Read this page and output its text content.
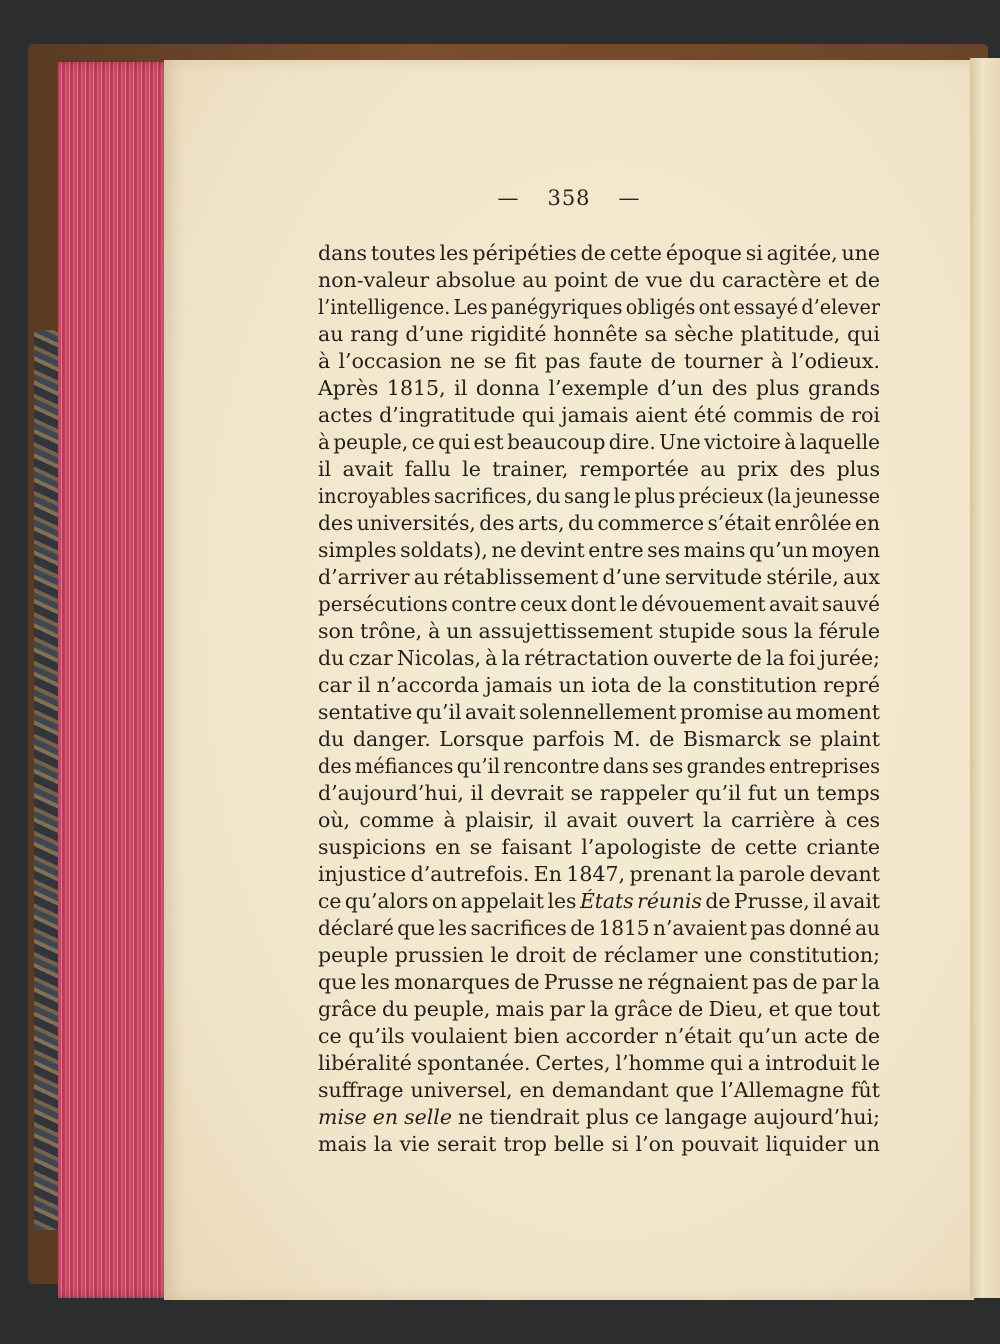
— 358 —
dans toutes les péripéties de cette époque si agitée, une
non-valeur absolue au point de vue du caractère et de
l’intelligence. Les panégyriques obligés ont essayé d’elever
au rang d’une rigidité honnête sa sèche platitude, qui
à l’occasion ne se fit pas faute de tourner à l’odieux.
Après 1815, il donna l’exemple d’un des plus grands
actes d’ingratitude qui jamais aient été commis de roi
à peuple, ce qui est beaucoup dire. Une victoire à laquelle
il avait fallu le trainer, remportée au prix des plus
incroyables sacrifices, du sang le plus précieux (la jeunesse
des universités, des arts, du commerce s’était enrôlée en
simples soldats), ne devint entre ses mains qu’un moyen
d’arriver au rétablissement d’une servitude stérile, aux
persécutions contre ceux dont le dévouement avait sauvé
son trône, à un assujettissement stupide sous la férule
du czar Nicolas, à la rétractation ouverte de la foi jurée;
car il n’accorda jamais un iota de la constitution repré
sentative qu’il avait solennellement promise au moment
du danger. Lorsque parfois M. de Bismarck se plaint
des méfiances qu’il rencontre dans ses grandes entreprises
d’aujourd’hui, il devrait se rappeler qu’il fut un temps
où, comme à plaisir, il avait ouvert la carrière à ces
suspicions en se faisant l’apologiste de cette criante
injustice d’autrefois. En 1847, prenant la parole devant
ce qu’alors on appelait les États réunis de Prusse, il avait
déclaré que les sacrifices de 1815 n’avaient pas donné au
peuple prussien le droit de réclamer une constitution;
que les monarques de Prusse ne régnaient pas de par la
grâce du peuple, mais par la grâce de Dieu, et que tout
ce qu’ils voulaient bien accorder n’était qu’un acte de
libéralité spontanée. Certes, l’homme qui a introduit le
suffrage universel, en demandant que l’Allemagne fût
mise en selle ne tiendrait plus ce langage aujourd’hui;
mais la vie serait trop belle si l’on pouvait liquider un
